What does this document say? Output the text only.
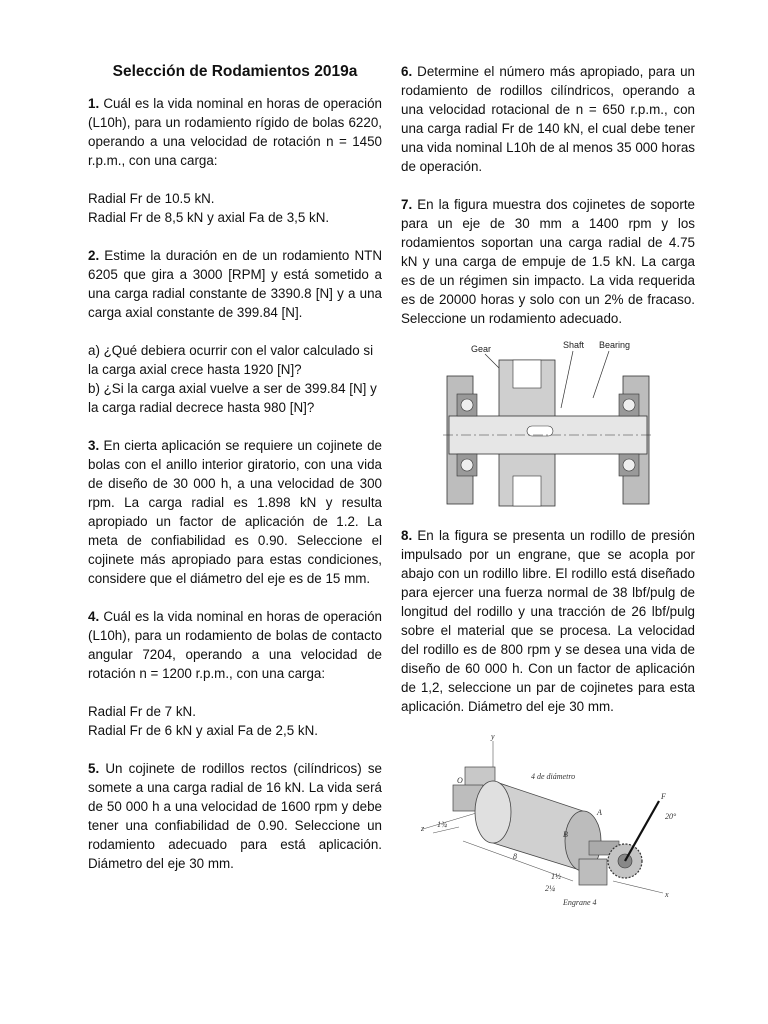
Selección de Rodamientos 2019a

1. Cuál es la vida nominal en horas de operación (L10h), para un rodamiento rígido de bolas 6220, operando a una velocidad de rotación n = 1450 r.p.m., con una carga:

Radial Fr de 10.5 kN.
Radial Fr de 8,5 kN y axial Fa de 3,5 kN.

2. Estime la duración en de un rodamiento NTN 6205 que gira a 3000 [RPM] y está sometido a una carga radial constante de 3390.8 [N] y a una carga axial constante de 399.84 [N].

a) ¿Qué debiera ocurrir con el valor calculado si la carga axial crece hasta 1920 [N]?
b) ¿Si la carga axial vuelve a ser de 399.84 [N] y la carga radial decrece hasta 980 [N]?

3. En cierta aplicación se requiere un cojinete de bolas con el anillo interior giratorio, con una vida de diseño de 30 000 h, a una velocidad de 300 rpm. La carga radial es 1.898 kN y resulta apropiado un factor de aplicación de 1.2. La meta de confiabilidad es 0.90. Seleccione el cojinete más apropiado para estas condiciones, considere que el diámetro del eje es de 15 mm.

4. Cuál es la vida nominal en horas de operación (L10h), para un rodamiento de bolas de contacto angular 7204, operando a una velocidad de rotación n = 1200 r.p.m., con una carga:

Radial Fr de 7 kN.
Radial Fr de 6 kN y axial Fa de 2,5 kN.

5. Un cojinete de rodillos rectos (cilíndricos) se somete a una carga radial de 16 kN. La vida será de 50 000 h a una velocidad de 1600 rpm y debe tener una confiabilidad de 0.90. Seleccione un rodamiento adecuado para está aplicación. Diámetro del eje 30 mm.

6. Determine el número más apropiado, para un rodamiento de rodillos cilíndricos, operando a una velocidad rotacional de n = 650 r.p.m., con una carga radial Fr de 140 kN, el cual debe tener una vida nominal L10h de al menos 35 000 horas de operación.

7. En la figura muestra dos cojinetes de soporte para un eje de 30 mm a 1400 rpm y los rodamientos soportan una carga radial de 4.75 kN y una carga de empuje de 1.5 kN. La carga es de un régimen sin impacto. La vida requerida es de 20000 horas y solo con un 2% de fracaso. Seleccione un rodamiento adecuado.

Gear	Shaft Bearing

8. En la figura se presenta un rodillo de presión impulsado por un engrane, que se acopla por abajo con un rodillo libre. El rodillo está diseñado para ejercer una fuerza normal de 38 lbf/pulg de longitud del rodillo y una tracción de 26 lbf/pulg sobre el material que se procesa. La velocidad del rodillo es de 800 rpm y se desea una vida de diseño de 60 000 h. Con un factor de aplicación de 1,2, seleccione un par de cojinetes para esta aplicación. Diámetro del eje 30 mm.

y
O
z
A
B
F
x
4 de diámetro
Engrane 4
1¾
8
1½
2¼
20°
